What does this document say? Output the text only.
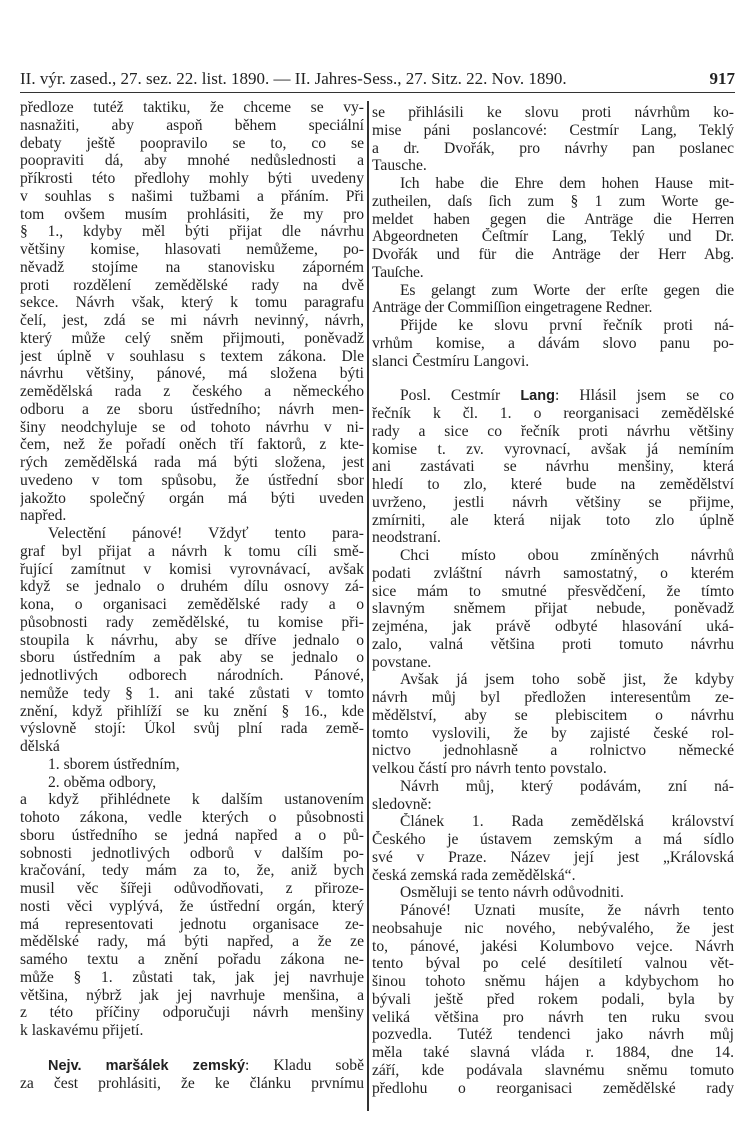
II. výr. zased., 27. sez. 22. list. 1890. — II. Jahres-Sess., 27. Sitz. 22. Nov. 1890.	917
předloze tutéž taktiku, že chceme se vy-
nasnažiti, aby aspoň během speciální
debaty ještě poopravilo se to, co se
poopraviti dá, aby mnohé nedůslednosti a
příkrosti této předlohy mohly býti uvedeny
v souhlas s našimi tužbami a přáním. Při
tom ovšem musím prohlásiti, že my pro
§ 1., kdyby měl býti přijat dle návrhu
většiny komise, hlasovati nemůžeme, po-
něvadž stojíme na stanovisku záporném
proti rozdělení zemědělské rady na dvě
sekce. Návrh však, který k tomu paragrafu
čelí, jest, zdá se mi návrh nevinný, návrh,
který může celý sněm přijmouti, poněvadž
jest úplně v souhlasu s textem zákona. Dle
návrhu většiny, pánové, má složena býti
zemědělská rada z českého a německého
odboru a ze sboru ústředního; návrh men-
šiny neodchyluje se od tohoto návrhu v ni-
čem, než že pořadí oněch tří faktorů, z kte-
rých zemědělská rada má býti složena, jest
uvedeno v tom spůsobu, že ústřední sbor
jakožto společný orgán má býti uveden
napřed.
Velectění pánové! Vždyť tento para-
graf byl přijat a návrh k tomu cíli smě-
řující zamítnut v komisi vyrovnávací, avšak
když se jednalo o druhém dílu osnovy zá-
kona, o organisaci zemědělské rady a o
působnosti rady zemědělské, tu komise při-
stoupila k návrhu, aby se dříve jednalo o
sboru ústředním a pak aby se jednalo o
jednotlivých odborech národních. Pánové,
nemůže tedy § 1. ani také zůstati v tomto
znění, když přihlíží se ku znění § 16., kde
výslovně stojí: Úkol svůj plní rada země-
dělská
1. sborem ústředním,
2. oběma odbory,
a když přihlédnete k dalším ustanovením
tohoto zákona, vedle kterých o působnosti
sboru ústředního se jedná napřed a o pů-
sobnosti jednotlivých odborů v dalším po-
kračování, tedy mám za to, že, aniž bych
musil věc šířeji odůvodňovati, z přiroze-
nosti věci vyplývá, že ústřední orgán, který
má representovati jednotu organisace ze-
mědělské rady, má býti napřed, a že ze
samého textu a znění pořadu zákona ne-
může § 1. zůstati tak, jak jej navrhuje
většina, nýbrž jak jej navrhuje menšina, a
z této příčiny odporučuji návrh menšiny
k laskavému přijetí.
Nejv. maršálek zemský: Kladu sobě
za čest prohlásiti, že ke článku prvnímu
se přihlásili ke slovu proti návrhům ko-
mise páni poslancové: Cestmír Lang, Teklý
a dr. Dvořák, pro návrhy pan poslanec
Tausche.
Ich habe die Ehre dem hohen Hause mit-
zutheilen, daſs ſich zum § 1 zum Worte ge-
meldet haben gegen die Anträge die Herren
Abgeordneten Čeſtmír Lang, Teklý und Dr.
Dvořák und für die Anträge der Herr Abg.
Tauſche.
Es gelangt zum Worte der erſte gegen die
Anträge der Commiſſion eingetragene Redner.
Přijde ke slovu první řečník proti ná-
vrhům komise, a dávám slovo panu po-
slanci Čestmíru Langovi.
Posl. Cestmír Lang: Hlásil jsem se co
řečník k čl. 1. o reorganisaci zemědělské
rady a sice co řečník proti návrhu většiny
komise t. zv. vyrovnací, avšak já nemíním
ani zastávati se návrhu menšiny, která
hledí to zlo, které bude na zemědělství
uvrženo, jestli návrh většiny se přijme,
zmírniti, ale která nijak toto zlo úplně
neodstraní.
Chci místo obou zmíněných návrhů
podati zvláštní návrh samostatný, o kterém
sice mám to smutné přesvědčení, že tímto
slavným sněmem přijat nebude, poněvadž
zejména, jak právě odbyté hlasování uká-
zalo, valná většina proti tomuto návrhu
povstane.
Avšak já jsem toho sobě jist, že kdyby
návrh můj byl předložen interesentům ze-
mědělství, aby se plebiscitem o návrhu
tomto vyslovili, že by zajisté české rol-
nictvo jednohlasně a rolnictvo německé
velkou částí pro návrh tento povstalo.
Návrh můj, který podávám, zní ná-
sledovně:
Článek 1. Rada zemědělská království
Českého je ústavem zemským a má sídlo
své v Praze. Název její jest „Královská
česká zemská rada zemědělská“.
Osměluji se tento návrh odůvodniti.
Pánové! Uznati musíte, že návrh tento
neobsahuje nic nového, nebývalého, že jest
to, pánové, jakési Kolumbovo vejce. Návrh
tento býval po celé desítiletí valnou vět-
šinou tohoto sněmu hájen a kdybychom ho
bývali ještě před rokem podali, byla by
veliká většina pro návrh ten ruku svou
pozvedla. Tutéž tendenci jako návrh můj
měla také slavná vláda r. 1884, dne 14.
září, kde podávala slavnému sněmu tomuto
předlohu o reorganisaci zemědělské rady
